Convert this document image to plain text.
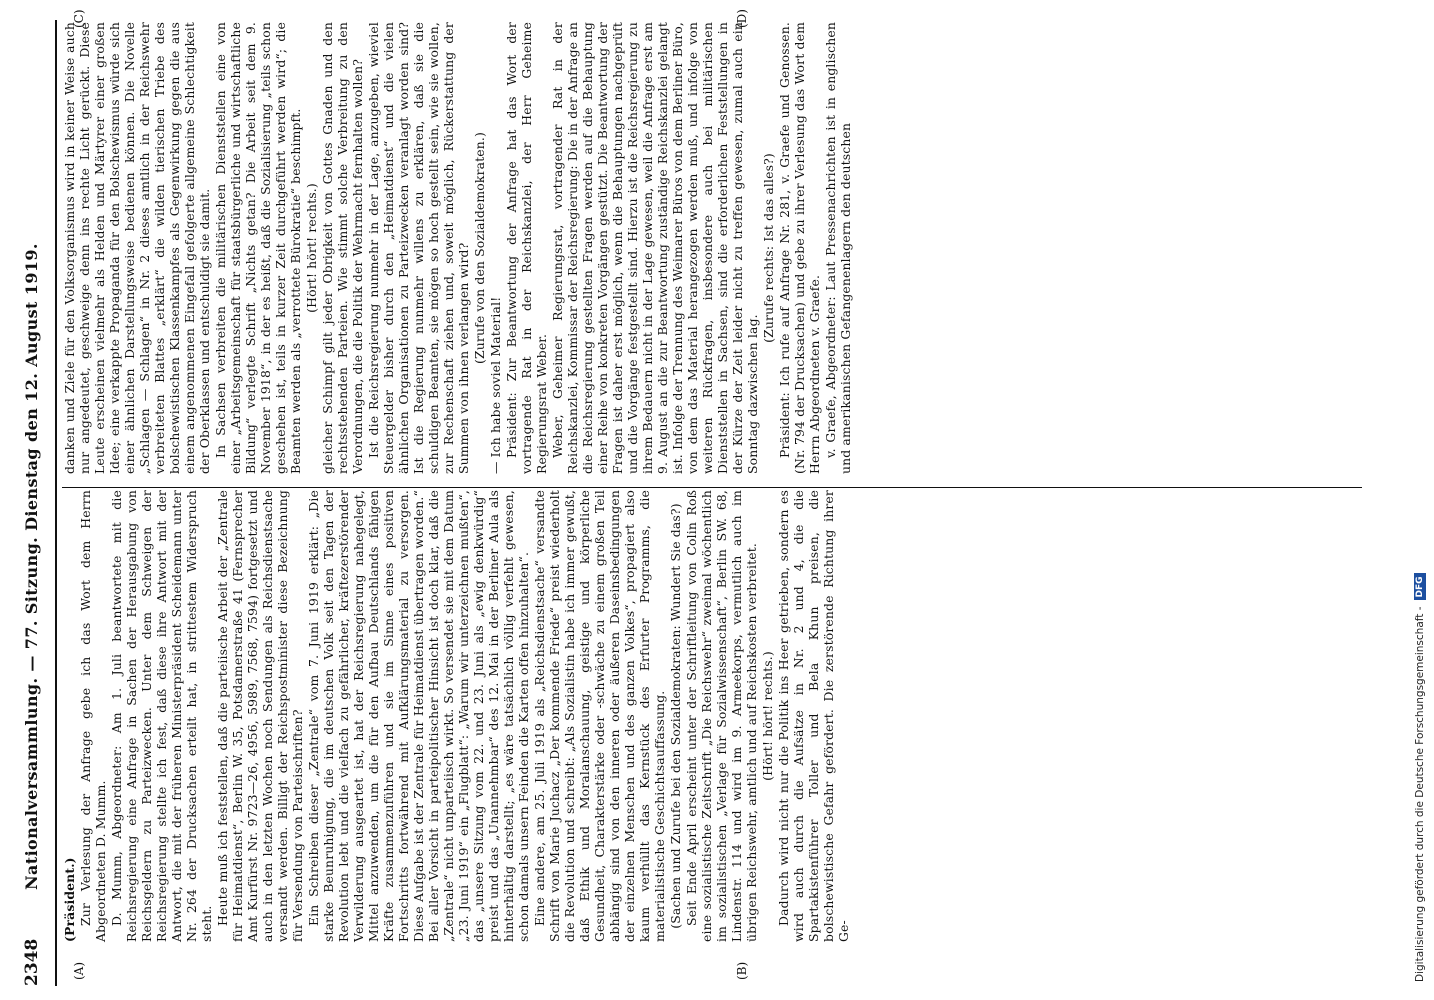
2348
Nationalversammlung. — 77. Sitzung. Dienstag den 12. August 1919.
(A)	(B)
(C)	(D)

(Präsident.) Zur Verlesung der Anfrage gebe ich das Wort dem Herrn Abgeordneten D. Mumm. D. Mumm, Abgeordneter: Am 1. Juli beantwortete mit die Reichsregierung eine Anfrage in Sachen der Herausgabung von Reichsgeldern zu Parteizwecken. Unter dem Schweigen der Reichsregierung stellte ich fest, daß diese ihre Antwort mit der Antwort, die mit der früheren Ministerpräsident Scheidemann unter Nr. 264 der Drucksachen erteilt hat, in strittestem Widerspruch steht. Heute muß ich feststellen, daß die parteiische Arbeit der „Zentrale für Heimatdienst“, Berlin W. 35, Potsdamerstraße 41 (Fernsprecher Amt Kurfürst Nr. 9723—26, 4956, 5989, 7568, 7594) fortgesetzt und auch in den letzten Wochen noch Sendungen als Reichsdienstsache versandt werden. Billigt der Reichspostminister diese Bezeichnung für Versendung von Parteischriften? Ein Schreiben dieser „Zentrale“ vom 7. Juni 1919 erklärt: „Die starke Beunruhigung, die im deutschen Volk seit den Tagen der Revolution lebt und die vielfach zu gefährlicher, kräftezerstörender Verwilderung ausgeartet ist, hat der Reichsregierung nahegelegt, Mittel anzuwenden, um die für den Aufbau Deutschlands fähigen Kräfte zusammenzuführen und sie im Sinne eines positiven Fortschritts fortwährend mit Aufklärungsmaterial zu versorgen. Diese Aufgabe ist der Zentrale für Heimatdienst übertragen worden.“ Bei aller Vorsicht in parteipolitischer Hinsicht ist doch klar, daß die „Zentrale“ nicht unparteiisch wirkt. So versendet sie mit dem Datum „23. Juni 1919“ ein „Flugblatt“: „Warum wir unterzeichnen mußten“, das „unsere Sitzung vom 22. und 23. Juni als „ewig denkwürdig“ preist und das „Unannehmbar“ des 12. Mai in der Berliner Aula als hinterhältig darstellt; „es wäre tatsächlich völlig verfehlt gewesen, schon damals unsern Feinden die Karten offen hinzuhalten“. Eine andere, am 25. Juli 1919 als „Reichsdienstsache“ versandte Schrift von Marie Juchacz „Der kommende Friede“ preist wiederholt die Revolution und schreibt: „Als Sozialistin habe ich immer gewußt, daß Ethik und Moralanschauung, geistige und körperliche Gesundheit, Charakterstärke oder -schwäche zu einem großen Teil abhängig sind von den inneren oder äußeren Daseinsbedingungen der einzelnen Menschen und des ganzen Volkes“, propagiert also kaum verhüllt das Kernstück des Erfurter Programms, die materialistische Geschichtsauffassung. (Sachen und Zurufe bei den Sozialdemokraten: Wundert Sie das?) Seit Ende April erscheint unter der Schriftleitung von Colin Roß eine sozialistische Zeitschrift „Die Reichswehr“ zweimal wöchentlich im sozialistischen „Verlage für Sozialwissenschaft“, Berlin SW. 68, Lindenstr. 114 und wird im 9. Armeekorps, vermutlich auch im übrigen Reichswehr, amtlich und auf Reichskosten verbreitet. (Hört! hört! rechts.) Dadurch wird nicht nur die Politik ins Heer getrieben, sondern es wird auch durch die Aufsätze in Nr. 2 und 4, die die Spartakistenführer Toller und Bela Khun preisen, die bolschewistische Gefahr gefördert. Die zerstörende Richtung ihrer Ge-

danken und Ziele für den Volksorganismus wird in keiner Weise auch nur angedeutet, geschweige denn ins rechte Licht gerückt. Diese Leute erscheinen vielmehr als Helden und Märtyrer einer großen Idee; eine verkappte Propaganda für den Bolschewismus würde sich einer ähnlichen Darstellungsweise bedienen können. Die Novelle „Schlagen — Schlagen“ in Nr. 2 dieses amtlich in der Reichswehr verbreiteten Blattes „erklärt“ die wilden tierischen Triebe des bolschewistischen Klassenkampfes als Gegenwirkung gegen die aus einem angenommenen Eingefall gefolgerte allgemeine Schlechtigkeit der Oberklassen und entschuldigt sie damit. In Sachsen verbreiten die militärischen Dienststellen eine von einer „Arbeitsgemeinschaft für staatsbürgerliche und wirtschaftliche Bildung“ verlegte Schrift „Nichts getan? Die Arbeit seit dem 9. November 1918“, in der es heißt, daß die Sozialisierung „teils schon geschehen ist, teils in kurzer Zeit durchgeführt werden wird“; die Beamten werden als „verrottete Bürokratie“ beschimpft. (Hört! hört! rechts.) gleicher Schimpf gilt jeder Obrigkeit von Gottes Gnaden und den rechtsstehenden Parteien. Wie stimmt solche Verbreitung zu den Verordnungen, die die Politik der Wehrmacht fernhalten wollen? Ist die Reichsregierung nunmehr in der Lage, anzugeben, wieviel Steuergelder bisher durch den „Heimatdienst“ und die vielen ähnlichen Organisationen zu Parteizwecken veranlagt worden sind? Ist die Regierung nunmehr willens zu erklären, daß sie die schuldigen Beamten, sie mögen so hoch gestellt sein, wie sie wollen, zur Rechenschaft ziehen und, soweit möglich, Rückerstattung der Summen von ihnen verlangen wird? (Zurufe von den Sozialdemokraten.)

— Ich habe soviel Material! Präsident: Zur Beantwortung der Anfrage hat das Wort der vortragende Rat in der Reichskanzlei, der Herr Geheime Regierungsrat Weber. Weber, Geheimer Regierungsrat, vortragender Rat in der Reichskanzlei, Kommissar der Reichsregierung: Die in der Anfrage an die Reichsregierung gestellten Fragen werden auf die Behauptung einer Reihe von konkreten Vorgängen gestützt. Die Beantwortung der Fragen ist daher erst möglich, wenn die Behauptungen nachgeprüft und die Vorgänge festgestellt sind. Hierzu ist die Reichsregierung zu ihrem Bedauern nicht in der Lage gewesen, weil die Anfrage erst am 9. August an die zur Beantwortung zuständige Reichskanzlei gelangt ist. Infolge der Trennung des Weimarer Büros von dem Berliner Büro, von dem das Material herangezogen werden muß, und infolge von weiteren Rückfragen, insbesondere auch bei militärischen Dienststellen in Sachsen, sind die erforderlichen Feststellungen in der Kürze der Zeit leider nicht zu treffen gewesen, zumal auch ein Sonntag dazwischen lag.

(Zurufe rechts: Ist das alles?) Präsident: Ich rufe auf Anfrage Nr. 281, v. Graefe und Genossen. (Nr. 794 der Drucksachen) und gebe zu ihrer Verlesung das Wort dem Herrn Abgeordneten v. Graefe. v. Graefe, Abgeordneter: Laut Pressenachrichten ist in englischen und amerikanischen Gefangenenlagern den deutschen

Digitalisierung gefördert durch die Deutsche Forschungsgemeinschaft -
DFG
